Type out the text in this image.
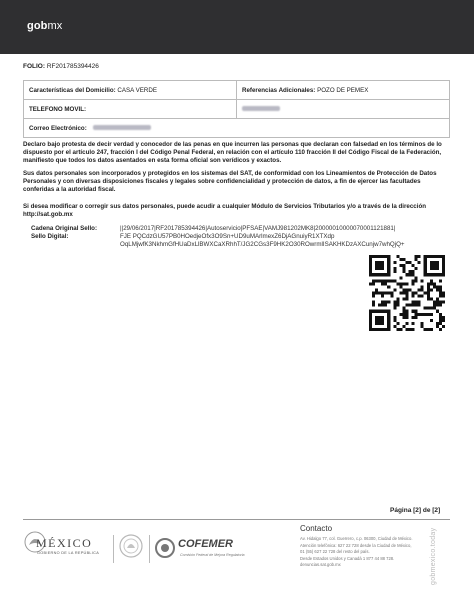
gobmx
FOLIO: RF201785394426
Características del Domicilio: CASA VERDE	Referencias Adicionales: POZO DE PEMEX
TELEFONO MOVIL:	
Correo Electrónico:	
Declaro bajo protesta de decir verdad y conocedor de las penas en que incurren las personas que declaran con falsedad en los términos de lo dispuesto por el artículo 247, fracción I del Código Penal Federal, en relación con el artículo 110 fracción II del Código Fiscal de la Federación, manifiesto que todos los datos asentados en esta forma oficial son verídicos y exactos.
Sus datos personales son incorporados y protegidos en los sistemas del SAT, de conformidad con los Lineamientos de Protección de Datos Personales y con diversas disposiciones fiscales y legales sobre confidencialidad y protección de datos, a fin de ejercer las facultades conferidas a la autoridad fiscal.
Si desea modificar o corregir sus datos personales, puede acudir a cualquier Módulo de Servicios Tributarios y/o a través de la dirección http://sat.gob.mx
Cadena Original Sello:	||29/06/2017|RF201785394426|Autoservicio|PFSAE|VAMJ981202MK8|20000010000070001121881|
Sello Digital:	FJE PQCdzGU57PB0HOedjeOfx3O9Sn+UD9uMArlmexZ6DjAGnuiyR1XTXdp
OqLMjwfK3NkhmGfHUaDxLlBWXCaXRhhT/JG2CGs3F9HK2O30ROwrmlISAKHKDzAXCunjw7whQjQ+
Página [2] de [2]
MÉXICO
GOBIERNO DE LA REPÚBLICA
COFEMER
Comisión Federal de Mejora Regulatoria
Contacto
Av. Hidalgo 77, col. Guerrero, c.p. 06300, Ciudad de México.
Atención telefónica: 627 22 728 desde la Ciudad de México,
01 (55) 627 22 728 del resto del país.
Desde Estados Unidos y Canadá 1 877 44 88 728.
denuncias.sat.gob.mx	gobmexico.today
